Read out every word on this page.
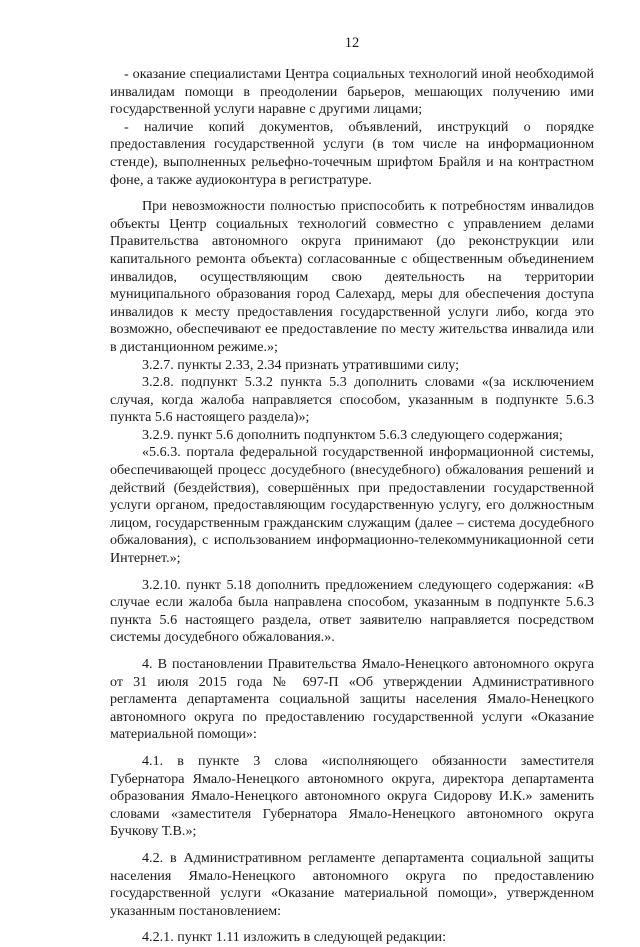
12

- оказание специалистами Центра социальных технологий иной необходимой инвалидам помощи в преодолении барьеров, мешающих получению ими государственной услуги наравне с другими лицами;

- наличие копий документов, объявлений, инструкций о порядке предоставления государственной услуги (в том числе на информационном стенде), выполненных рельефно-точечным шрифтом Брайля и на контрастном фоне, а также аудиоконтура в регистратуре.

При невозможности полностью приспособить к потребностям инвалидов объекты Центр социальных технологий совместно с управлением делами Правительства автономного округа принимают (до реконструкции или капитального ремонта объекта) согласованные с общественным объединением инвалидов, осуществляющим свою деятельность на территории муниципального образования город Салехард, меры для обеспечения доступа инвалидов к месту предоставления государственной услуги либо, когда это возможно, обеспечивают ее предоставление по месту жительства инвалида или в дистанционном режиме.»;

3.2.7. пункты 2.33, 2.34 признать утратившими силу;

3.2.8. подпункт 5.3.2 пункта 5.3 дополнить словами «(за исключением случая, когда жалоба направляется способом, указанным в подпункте 5.6.3 пункта 5.6 настоящего раздела)»;

3.2.9. пункт 5.6 дополнить подпунктом 5.6.3 следующего содержания;

«5.6.3. портала федеральной государственной информационной системы, обеспечивающей процесс досудебного (внесудебного) обжалования решений и действий (бездействия), совершённых при предоставлении государственной услуги органом, предоставляющим государственную услугу, его должностным лицом, государственным гражданским служащим (далее – система досудебного обжалования), с использованием информационно-телекоммуникационной сети Интернет.»;

3.2.10. пункт 5.18 дополнить предложением следующего содержания: «В случае если жалоба была направлена способом, указанным в подпункте 5.6.3 пункта 5.6 настоящего раздела, ответ заявителю направляется посредством системы досудебного обжалования.».

4. В постановлении Правительства Ямало-Ненецкого автономного округа от 31 июля 2015 года № 697-П «Об утверждении Административного регламента департамента социальной защиты населения Ямало-Ненецкого автономного округа по предоставлению государственной услуги «Оказание материальной помощи»:

4.1. в пункте 3 слова «исполняющего обязанности заместителя Губернатора Ямало-Ненецкого автономного округа, директора департамента образования Ямало-Ненецкого автономного округа Сидорову И.К.» заменить словами «заместителя Губернатора Ямало-Ненецкого автономного округа Бучкову Т.В.»;

4.2. в Административном регламенте департамента социальной защиты населения Ямало-Ненецкого автономного округа по предоставлению государственной услуги «Оказание материальной помощи», утвержденном указанным постановлением:

4.2.1. пункт 1.11 изложить в следующей редакции:
